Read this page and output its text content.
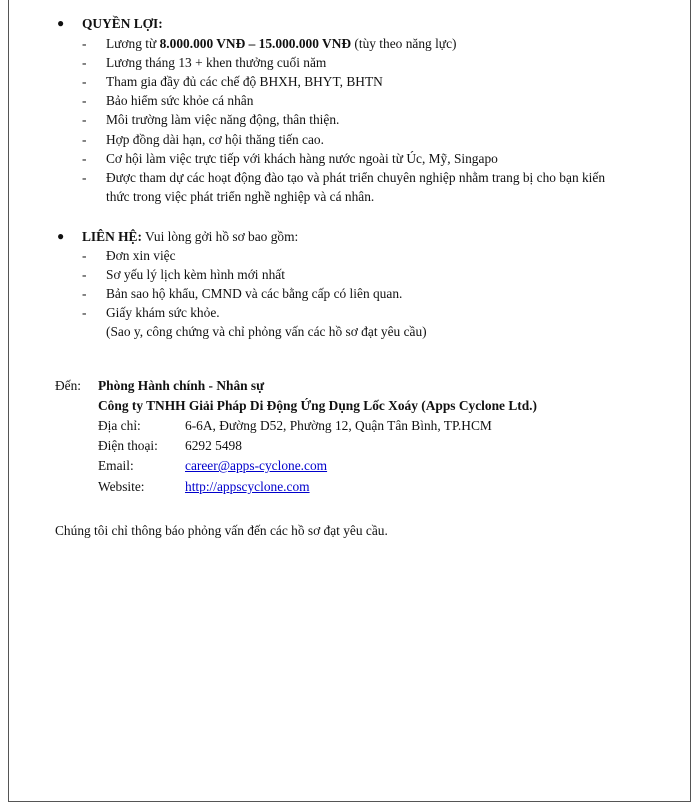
● QUYỀN LỢI:
- Lương từ 8.000.000 VNĐ – 15.000.000 VNĐ (tùy theo năng lực)
- Lương tháng 13 + khen thưởng cuối năm
- Tham gia đầy đủ các chế độ BHXH, BHYT, BHTN
- Bảo hiểm sức khỏe cá nhân
- Môi trường làm việc năng động, thân thiện.
- Hợp đồng dài hạn, cơ hội thăng tiến cao.
- Cơ hội làm việc trực tiếp với khách hàng nước ngoài từ Úc, Mỹ, Singapo
- Được tham dự các hoạt động đào tạo và phát triển chuyên nghiệp nhằm trang bị cho bạn kiến
thức trong việc phát triển nghề nghiệp và cá nhân.
● LIÊN HỆ: Vui lòng gởi hồ sơ bao gồm:
- Đơn xin việc
- Sơ yếu lý lịch kèm hình mới nhất
- Bản sao hộ khẩu, CMND và các bằng cấp có liên quan.
- Giấy khám sức khỏe.
(Sao y, công chứng và chỉ phỏng vấn các hồ sơ đạt yêu cầu)
Đến: Phòng Hành chính - Nhân sự
Công ty TNHH Giải Pháp Di Động Ứng Dụng Lốc Xoáy (Apps Cyclone Ltd.)
Địa chỉ:	6-6A, Đường D52, Phường 12, Quận Tân Bình, TP.HCM
Điện thoại: 6292 5498
Email:	career@apps-cyclone.com
Website:	http://appscyclone.com
Chúng tôi chỉ thông báo phỏng vấn đến các hồ sơ đạt yêu cầu.
